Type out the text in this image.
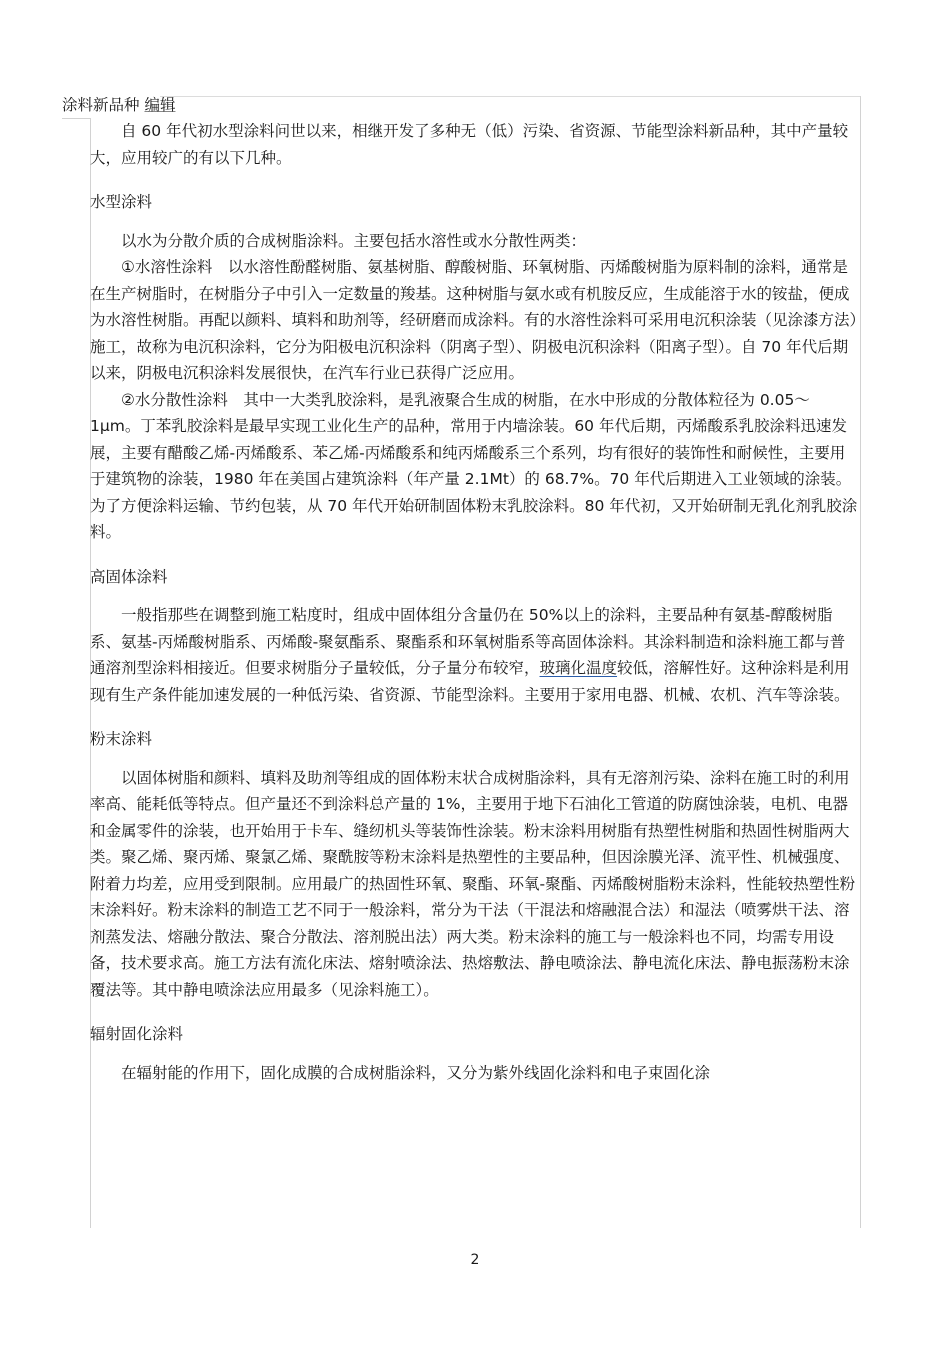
涂料新品种 编辑

自 60 年代初水型涂料问世以来，相继开发了多种无（低）污染、省资源、节能型涂料新品种，其中产量较大，应用较广的有以下几种。

水型涂料

以水为分散介质的合成树脂涂料。主要包括水溶性或水分散性两类：

①水溶性涂料　以水溶性酚醛树脂、氨基树脂、醇酸树脂、环氧树脂、丙烯酸树脂为原料制的涂料，通常是在生产树脂时，在树脂分子中引入一定数量的羧基。这种树脂与氨水或有机胺反应，生成能溶于水的铵盐，便成为水溶性树脂。再配以颜料、填料和助剂等，经研磨而成涂料。有的水溶性涂料可采用电沉积涂装（见涂漆方法）施工，故称为电沉积涂料，它分为阳极电沉积涂料（阴离子型）、阴极电沉积涂料（阳离子型）。自 70 年代后期以来，阴极电沉积涂料发展很快，在汽车行业已获得广泛应用。

②水分散性涂料　其中一大类乳胶涂料，是乳液聚合生成的树脂，在水中形成的分散体粒径为 0.05～1μm。丁苯乳胶涂料是最早实现工业化生产的品种，常用于内墙涂装。60 年代后期，丙烯酸系乳胶涂料迅速发展，主要有醋酸乙烯-丙烯酸系、苯乙烯-丙烯酸系和纯丙烯酸系三个系列，均有很好的装饰性和耐候性，主要用于建筑物的涂装，1980 年在美国占建筑涂料（年产量 2.1Mt）的 68.7%。70 年代后期进入工业领域的涂装。为了方便涂料运输、节约包装，从 70 年代开始研制固体粉末乳胶涂料。80 年代初，又开始研制无乳化剂乳胶涂料。

高固体涂料

一般指那些在调整到施工粘度时，组成中固体组分含量仍在 50%以上的涂料，主要品种有氨基-醇酸树脂系、氨基-丙烯酸树脂系、丙烯酸-聚氨酯系、聚酯系和环氧树脂系等高固体涂料。其涂料制造和涂料施工都与普通溶剂型涂料相接近。但要求树脂分子量较低，分子量分布较窄，玻璃化温度较低，溶解性好。这种涂料是利用现有生产条件能加速发展的一种低污染、省资源、节能型涂料。主要用于家用电器、机械、农机、汽车等涂装。

粉末涂料

以固体树脂和颜料、填料及助剂等组成的固体粉末状合成树脂涂料，具有无溶剂污染、涂料在施工时的利用率高、能耗低等特点。但产量还不到涂料总产量的 1%，主要用于地下石油化工管道的防腐蚀涂装，电机、电器和金属零件的涂装，也开始用于卡车、缝纫机头等装饰性涂装。粉末涂料用树脂有热塑性树脂和热固性树脂两大类。聚乙烯、聚丙烯、聚氯乙烯、聚酰胺等粉末涂料是热塑性的主要品种，但因涂膜光泽、流平性、机械强度、附着力均差，应用受到限制。应用最广的热固性环氧、聚酯、环氧-聚酯、丙烯酸树脂粉末涂料，性能较热塑性粉末涂料好。粉末涂料的制造工艺不同于一般涂料，常分为干法（干混法和熔融混合法）和湿法（喷雾烘干法、溶剂蒸发法、熔融分散法、聚合分散法、溶剂脱出法）两大类。粉末涂料的施工与一般涂料也不同，均需专用设备，技术要求高。施工方法有流化床法、熔射喷涂法、热熔敷法、静电喷涂法、静电流化床法、静电振荡粉末涂覆法等。其中静电喷涂法应用最多（见涂料施工）。

辐射固化涂料

在辐射能的作用下，固化成膜的合成树脂涂料，又分为紫外线固化涂料和电子束固化涂

2
